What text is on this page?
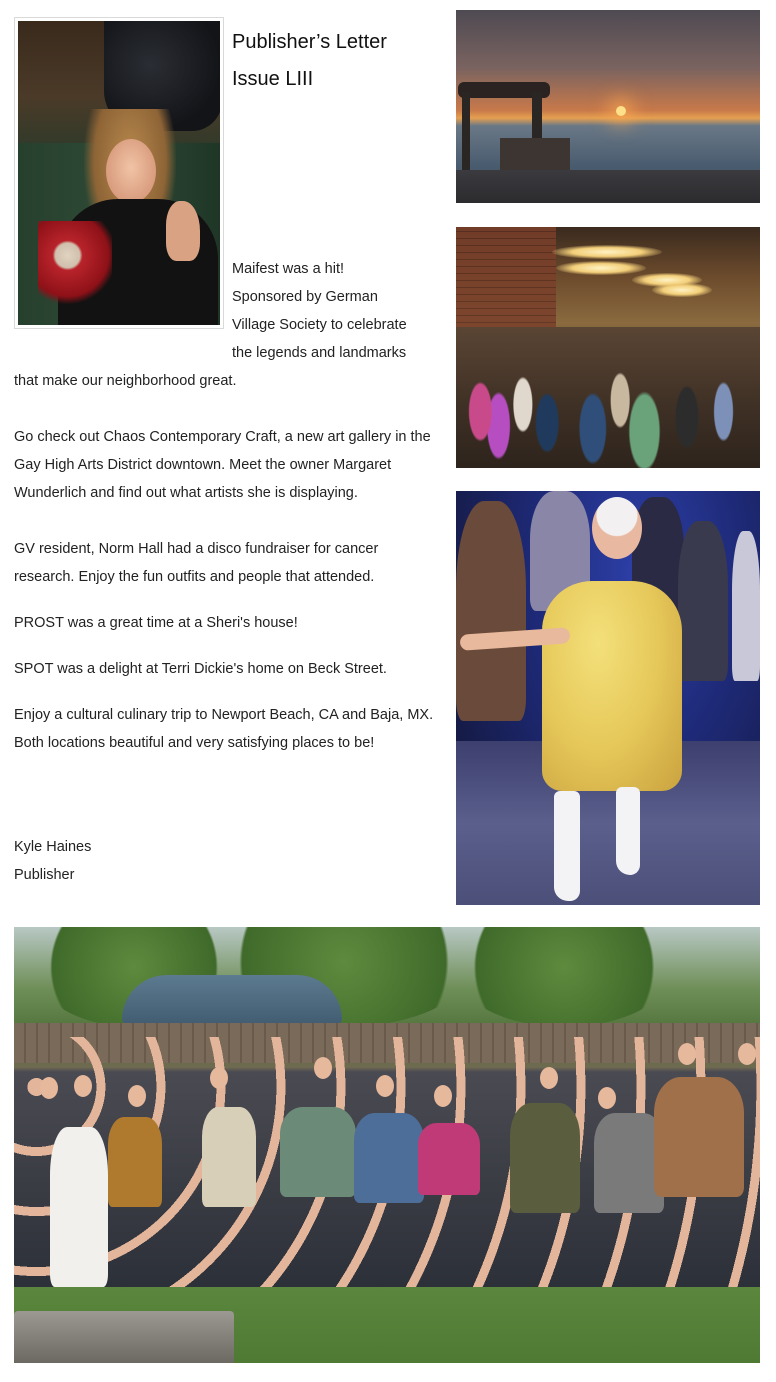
Publisher’s Letter
Issue LIII
Maifest was a hit!
Sponsored by German
Village Society to celebrate
the legends and landmarks
that make our neighborhood great.

Go check out Chaos Contemporary Craft, a new art gallery in the Gay High Arts District downtown. Meet the owner Margaret Wunderlich and find out what artists she is displaying.

GV resident, Norm Hall had a disco fundraiser for cancer research. Enjoy the fun outfits and people that attended.

PROST was a great time at a Sheri's house!

SPOT was a delight at Terri Dickie's home on Beck Street.

Enjoy a cultural culinary trip to Newport Beach, CA and Baja, MX. Both locations beautiful and very satisfying places to be!

Kyle Haines
Publisher
